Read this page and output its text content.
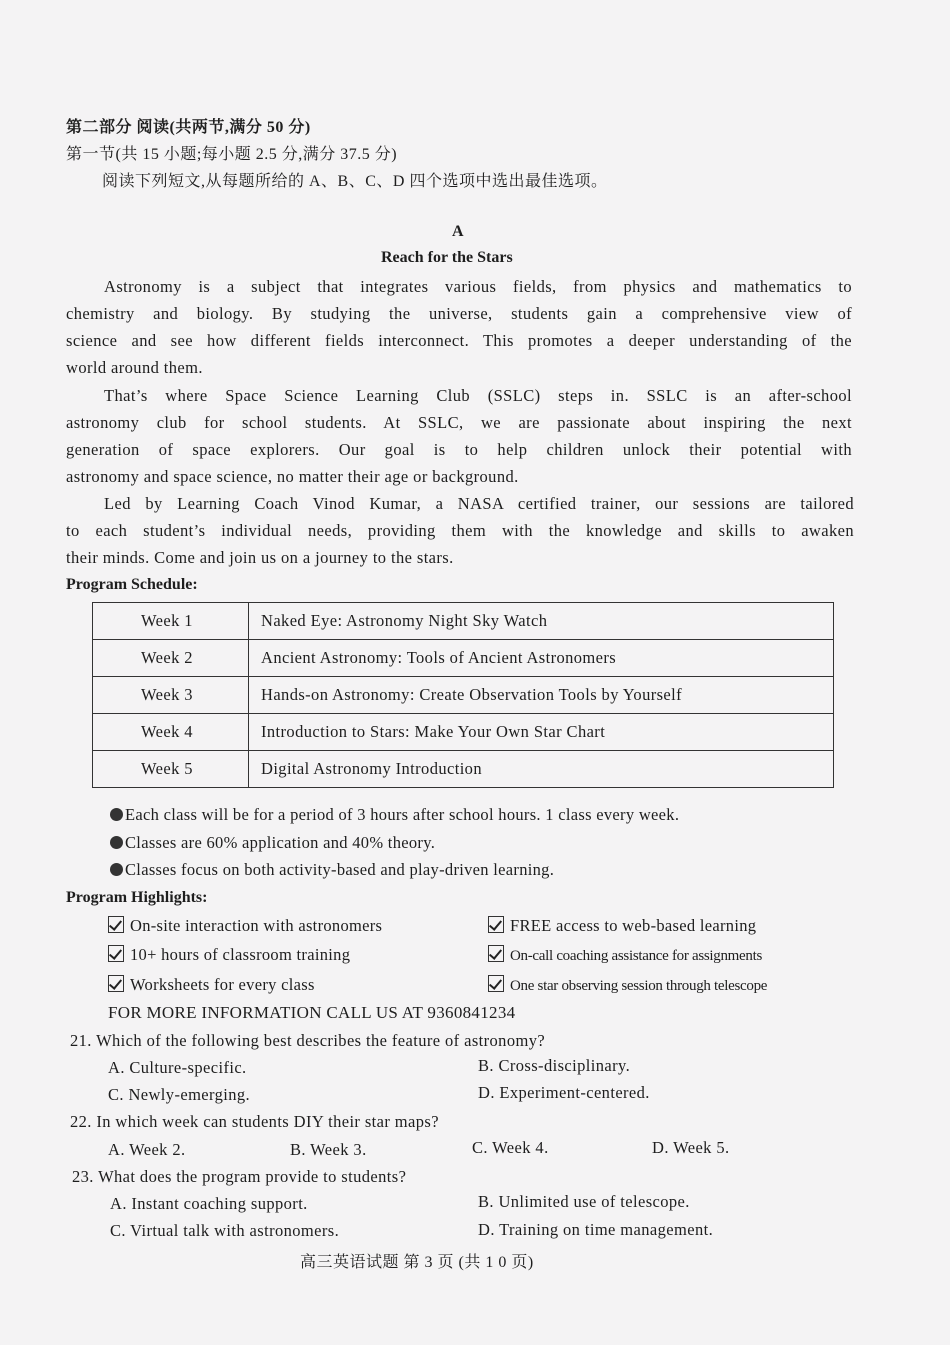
第二部分 阅读(共两节,满分 50 分)
第一节(共 15 小题;每小题 2.5 分,满分 37.5 分)
阅读下列短文,从每题所给的 A、B、C、D 四个选项中选出最佳选项。
A
Reach for the Stars
Astronomy is a subject that integrates various fields, from physics and mathematics to
chemistry and biology. By studying the universe, students gain a comprehensive view of
science and see how different fields interconnect. This promotes a deeper understanding of the
world around them.
That’s where Space Science Learning Club (SSLC) steps in. SSLC is an after-school
astronomy club for school students. At SSLC, we are passionate about inspiring the next
generation of space explorers. Our goal is to help children unlock their potential with
astronomy and space science, no matter their age or background.
Led by Learning Coach Vinod Kumar, a NASA certified trainer, our sessions are tailored
to each student’s individual needs, providing them with the knowledge and skills to awaken
their minds. Come and join us on a journey to the stars.
Program Schedule:
Week 1	Naked Eye: Astronomy Night Sky Watch
Week 2	Ancient Astronomy: Tools of Ancient Astronomers
Week 3	Hands-on Astronomy: Create Observation Tools by Yourself
Week 4	Introduction to Stars: Make Your Own Star Chart
Week 5	Digital Astronomy Introduction
Each class will be for a period of 3 hours after school hours. 1 class every week.
Classes are 60% application and 40% theory.
Classes focus on both activity-based and play-driven learning.
Program Highlights:
On-site interaction with astronomers
10+ hours of classroom training
Worksheets for every class
FREE access to web-based learning
On-call coaching assistance for assignments
One star observing session through telescope
FOR MORE INFORMATION CALL US AT 9360841234
21. Which of the following best describes the feature of astronomy?
A. Culture-specific.	B. Cross-disciplinary.
C. Newly-emerging.	D. Experiment-centered.
22. In which week can students DIY their star maps?
A. Week 2.	B. Week 3.	C. Week 4.	D. Week 5.
23. What does the program provide to students?
A. Instant coaching support.	B. Unlimited use of telescope.
C. Virtual talk with astronomers.	D. Training on time management.
高三英语试题 第 3 页 (共 1 0 页)
